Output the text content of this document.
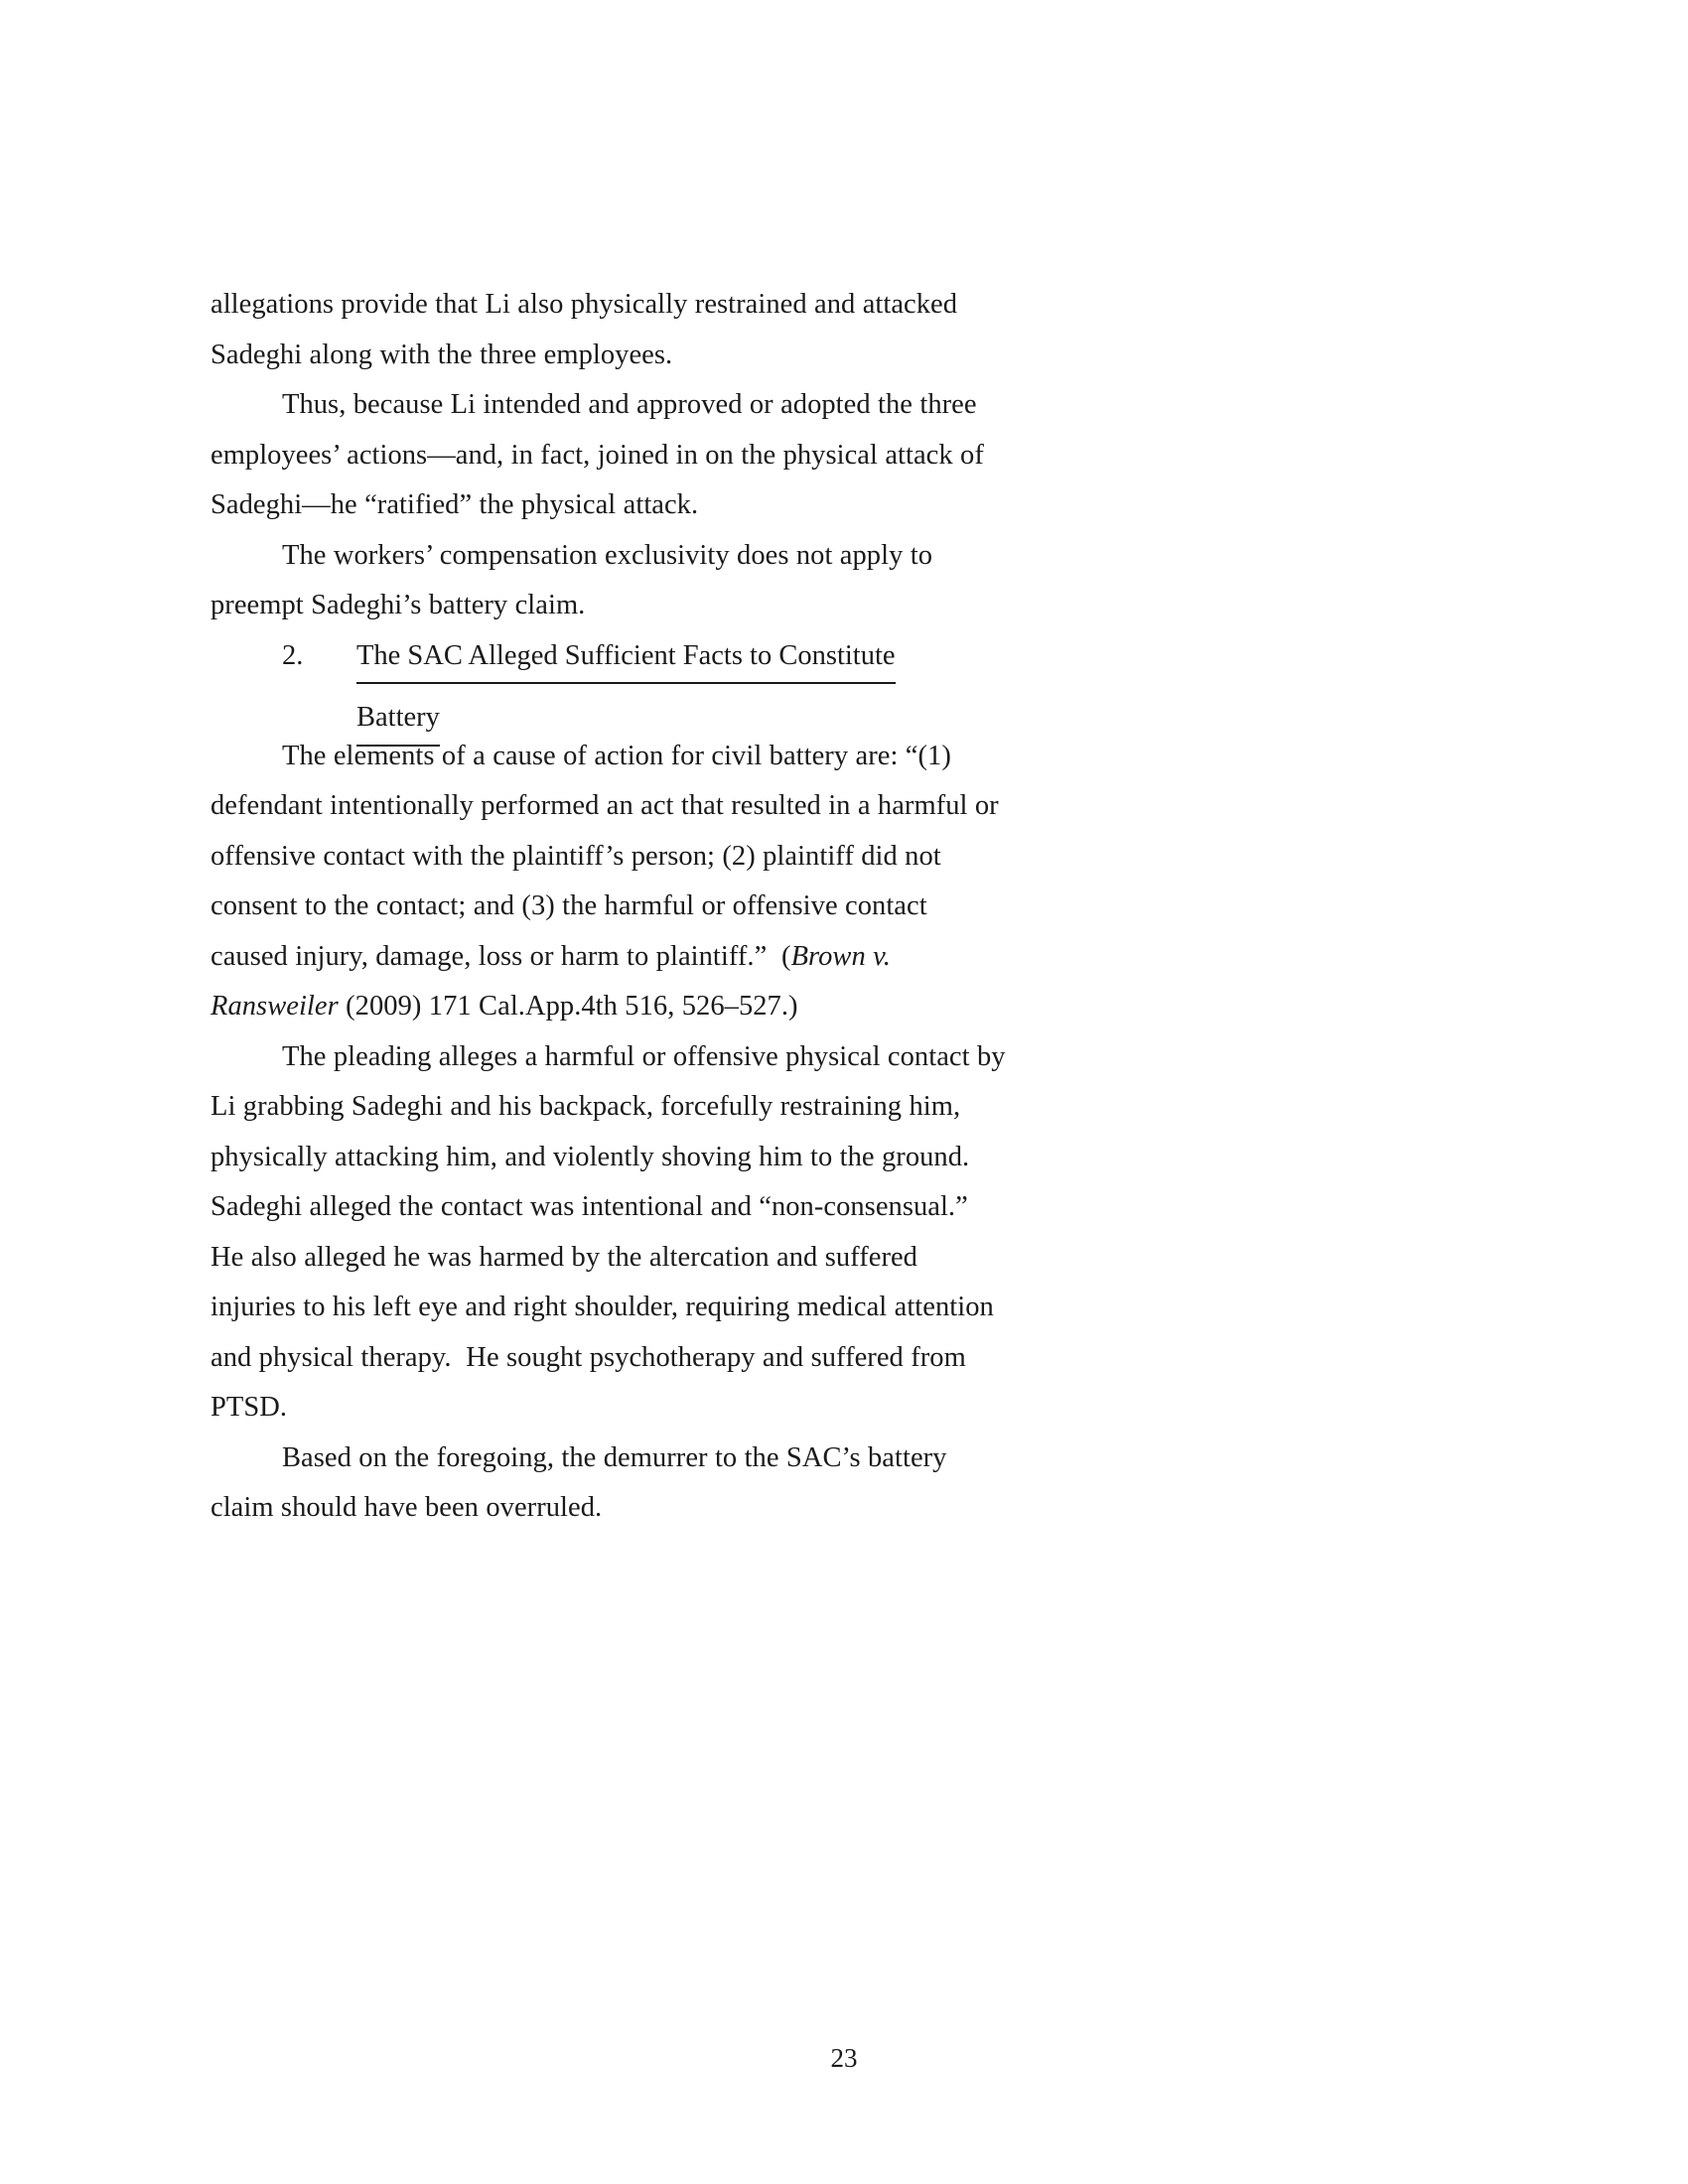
allegations provide that Li also physically restrained and attacked Sadeghi along with the three employees.

Thus, because Li intended and approved or adopted the three employees’ actions—and, in fact, joined in on the physical attack of Sadeghi—he “ratified” the physical attack.

The workers’ compensation exclusivity does not apply to preempt Sadeghi’s battery claim.

2. The SAC Alleged Sufficient Facts to Constitute
Battery

The elements of a cause of action for civil battery are: “(1) defendant intentionally performed an act that resulted in a harmful or offensive contact with the plaintiff’s person; (2) plaintiff did not consent to the contact; and (3) the harmful or offensive contact caused injury, damage, loss or harm to plaintiff.”  (Brown v. Ransweiler (2009) 171 Cal.App.4th 516, 526–527.)

The pleading alleges a harmful or offensive physical contact by Li grabbing Sadeghi and his backpack, forcefully restraining him, physically attacking him, and violently shoving him to the ground.  Sadeghi alleged the contact was intentional and “non-consensual.”  He also alleged he was harmed by the altercation and suffered injuries to his left eye and right shoulder, requiring medical attention and physical therapy.  He sought psychotherapy and suffered from PTSD.

Based on the foregoing, the demurrer to the SAC’s battery claim should have been overruled.

23
